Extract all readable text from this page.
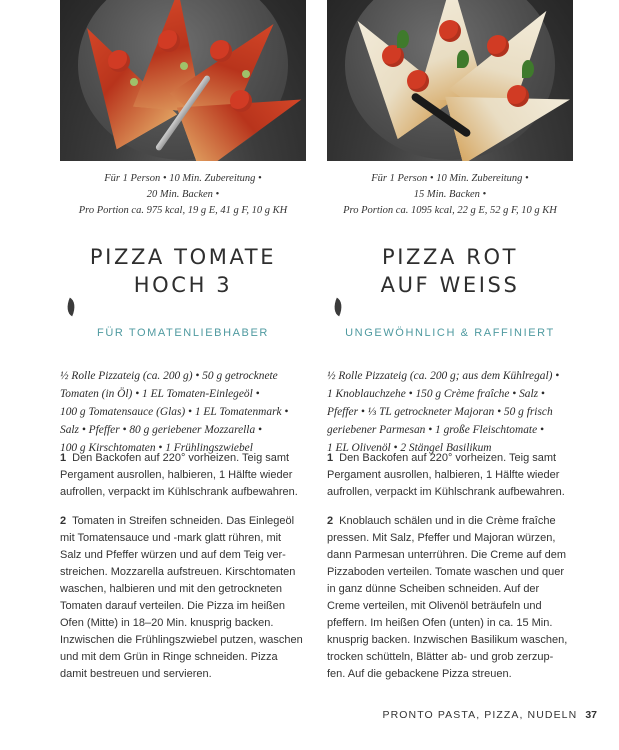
Für 1 Person • 10 Min. Zubereitung •
20 Min. Backen •
Pro Portion ca. 975 kcal, 19 g E, 41 g F, 10 g KH
PIZZA TOMATE
HOCH 3
FÜR TOMATENLIEBHABER
½ Rolle Pizzateig (ca. 200 g) • 50 g getrocknete
Tomaten (in Öl) • 1 EL Tomaten-Einlegeöl •
100 g Tomatensauce (Glas) • 1 EL Tomatenmark •
Salz • Pfeffer • 80 g geriebener Mozzarella •
100 g Kirschtomaten • 1 Frühlingszwiebel
1 Den Backofen auf 220° vorheizen. Teig samt
Pergament ausrollen, halbieren, 1 Hälfte wieder
aufrollen, verpackt im Kühlschrank aufbewahren.
2 Tomaten in Streifen schneiden. Das Einlegeöl
mit Tomatensauce und -mark glatt rühren, mit
Salz und Pfeffer würzen und auf dem Teig ver-
streichen. Mozzarella aufstreuen. Kirschtomaten
waschen, halbieren und mit den getrockneten
Tomaten darauf verteilen. Die Pizza im heißen
Ofen (Mitte) in 18–20 Min. knusprig backen.
Inzwischen die Frühlingszwiebel putzen, waschen
und mit dem Grün in Ringe schneiden. Pizza
damit bestreuen und servieren.
Für 1 Person • 10 Min. Zubereitung •
15 Min. Backen •
Pro Portion ca. 1095 kcal, 22 g E, 52 g F, 10 g KH
PIZZA ROT
AUF WEISS
UNGEWÖHNLICH & RAFFINIERT
½ Rolle Pizzateig (ca. 200 g; aus dem Kühlregal) •
1 Knoblauchzehe • 150 g Crème fraîche • Salz •
Pfeffer • ⅓ TL getrockneter Majoran • 50 g frisch
geriebener Parmesan • 1 große Fleischtomate •
1 EL Olivenöl • 2 Stängel Basilikum
1 Den Backofen auf 220° vorheizen. Teig samt
Pergament ausrollen, halbieren, 1 Hälfte wieder
aufrollen, verpackt im Kühlschrank aufbewahren.
2 Knoblauch schälen und in die Crème fraîche
pressen. Mit Salz, Pfeffer und Majoran würzen,
dann Parmesan unterrühren. Die Creme auf dem
Pizzaboden verteilen. Tomate waschen und quer
in ganz dünne Scheiben schneiden. Auf der
Creme verteilen, mit Olivenöl beträufeln und
pfeffern. Im heißen Ofen (unten) in ca. 15 Min.
knusprig backen. Inzwischen Basilikum waschen,
trocken schütteln, Blätter ab- und grob zerzup-
fen. Auf die gebackene Pizza streuen.
PRONTO PASTA, PIZZA, NUDELN 37
